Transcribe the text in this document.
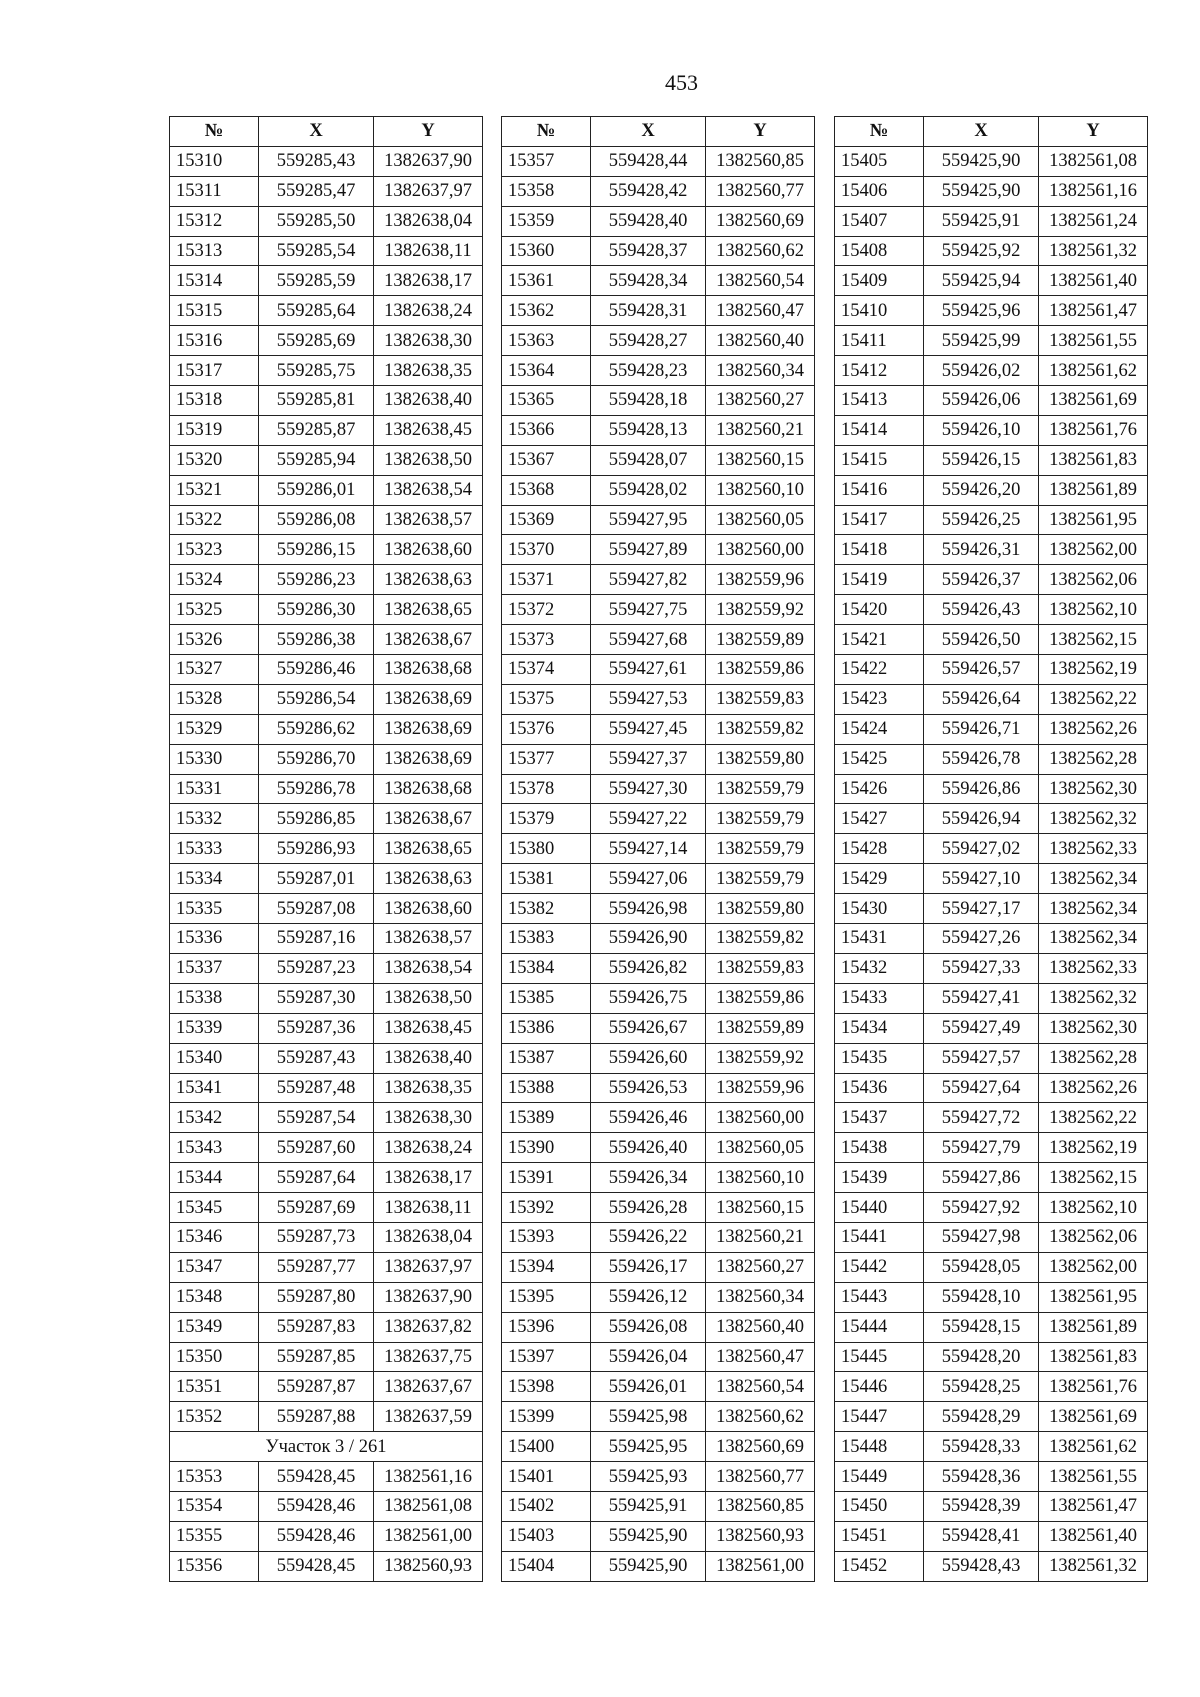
453
№	X	Y
15310	559285,43	1382637,90
15311	559285,47	1382637,97
15312	559285,50	1382638,04
15313	559285,54	1382638,11
15314	559285,59	1382638,17
15315	559285,64	1382638,24
15316	559285,69	1382638,30
15317	559285,75	1382638,35
15318	559285,81	1382638,40
15319	559285,87	1382638,45
15320	559285,94	1382638,50
15321	559286,01	1382638,54
15322	559286,08	1382638,57
15323	559286,15	1382638,60
15324	559286,23	1382638,63
15325	559286,30	1382638,65
15326	559286,38	1382638,67
15327	559286,46	1382638,68
15328	559286,54	1382638,69
15329	559286,62	1382638,69
15330	559286,70	1382638,69
15331	559286,78	1382638,68
15332	559286,85	1382638,67
15333	559286,93	1382638,65
15334	559287,01	1382638,63
15335	559287,08	1382638,60
15336	559287,16	1382638,57
15337	559287,23	1382638,54
15338	559287,30	1382638,50
15339	559287,36	1382638,45
15340	559287,43	1382638,40
15341	559287,48	1382638,35
15342	559287,54	1382638,30
15343	559287,60	1382638,24
15344	559287,64	1382638,17
15345	559287,69	1382638,11
15346	559287,73	1382638,04
15347	559287,77	1382637,97
15348	559287,80	1382637,90
15349	559287,83	1382637,82
15350	559287,85	1382637,75
15351	559287,87	1382637,67
15352	559287,88	1382637,59
Участок 3 / 261		
15353	559428,45	1382561,16
15354	559428,46	1382561,08
15355	559428,46	1382561,00
15356	559428,45	1382560,93
№	X	Y
15357	559428,44	1382560,85
15358	559428,42	1382560,77
15359	559428,40	1382560,69
15360	559428,37	1382560,62
15361	559428,34	1382560,54
15362	559428,31	1382560,47
15363	559428,27	1382560,40
15364	559428,23	1382560,34
15365	559428,18	1382560,27
15366	559428,13	1382560,21
15367	559428,07	1382560,15
15368	559428,02	1382560,10
15369	559427,95	1382560,05
15370	559427,89	1382560,00
15371	559427,82	1382559,96
15372	559427,75	1382559,92
15373	559427,68	1382559,89
15374	559427,61	1382559,86
15375	559427,53	1382559,83
15376	559427,45	1382559,82
15377	559427,37	1382559,80
15378	559427,30	1382559,79
15379	559427,22	1382559,79
15380	559427,14	1382559,79
15381	559427,06	1382559,79
15382	559426,98	1382559,80
15383	559426,90	1382559,82
15384	559426,82	1382559,83
15385	559426,75	1382559,86
15386	559426,67	1382559,89
15387	559426,60	1382559,92
15388	559426,53	1382559,96
15389	559426,46	1382560,00
15390	559426,40	1382560,05
15391	559426,34	1382560,10
15392	559426,28	1382560,15
15393	559426,22	1382560,21
15394	559426,17	1382560,27
15395	559426,12	1382560,34
15396	559426,08	1382560,40
15397	559426,04	1382560,47
15398	559426,01	1382560,54
15399	559425,98	1382560,62
15400	559425,95	1382560,69
15401	559425,93	1382560,77
15402	559425,91	1382560,85
15403	559425,90	1382560,93
15404	559425,90	1382561,00
№	X	Y
15405	559425,90	1382561,08
15406	559425,90	1382561,16
15407	559425,91	1382561,24
15408	559425,92	1382561,32
15409	559425,94	1382561,40
15410	559425,96	1382561,47
15411	559425,99	1382561,55
15412	559426,02	1382561,62
15413	559426,06	1382561,69
15414	559426,10	1382561,76
15415	559426,15	1382561,83
15416	559426,20	1382561,89
15417	559426,25	1382561,95
15418	559426,31	1382562,00
15419	559426,37	1382562,06
15420	559426,43	1382562,10
15421	559426,50	1382562,15
15422	559426,57	1382562,19
15423	559426,64	1382562,22
15424	559426,71	1382562,26
15425	559426,78	1382562,28
15426	559426,86	1382562,30
15427	559426,94	1382562,32
15428	559427,02	1382562,33
15429	559427,10	1382562,34
15430	559427,17	1382562,34
15431	559427,26	1382562,34
15432	559427,33	1382562,33
15433	559427,41	1382562,32
15434	559427,49	1382562,30
15435	559427,57	1382562,28
15436	559427,64	1382562,26
15437	559427,72	1382562,22
15438	559427,79	1382562,19
15439	559427,86	1382562,15
15440	559427,92	1382562,10
15441	559427,98	1382562,06
15442	559428,05	1382562,00
15443	559428,10	1382561,95
15444	559428,15	1382561,89
15445	559428,20	1382561,83
15446	559428,25	1382561,76
15447	559428,29	1382561,69
15448	559428,33	1382561,62
15449	559428,36	1382561,55
15450	559428,39	1382561,47
15451	559428,41	1382561,40
15452	559428,43	1382561,32
